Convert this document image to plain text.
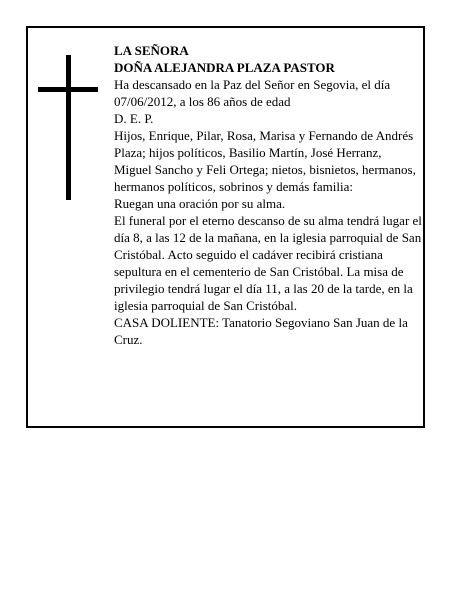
LA SEÑORA

DOÑA ALEJANDRA PLAZA PASTOR

Ha descansado en la Paz del Señor en Segovia, el día 07/06/2012, a los 86 años de edad

D. E. P.

Hijos, Enrique, Pilar, Rosa, Marisa y Fernando de Andrés Plaza; hijos políticos, Basilio Martín, José Herranz, Miguel Sancho y Feli Ortega; nietos, bisnietos, hermanos, hermanos políticos, sobrinos y demás familia:

Ruegan una oración por su alma.

El funeral por el eterno descanso de su alma tendrá lugar el día 8, a las 12 de la mañana, en la iglesia parroquial de San Cristóbal. Acto seguido el cadáver recibirá cristiana sepultura en el cementerio de San Cristóbal. La misa de privilegio tendrá lugar el día 11, a las 20 de la tarde, en la iglesia parroquial de San Cristóbal.

CASA DOLIENTE: Tanatorio Segoviano San Juan de la Cruz.
